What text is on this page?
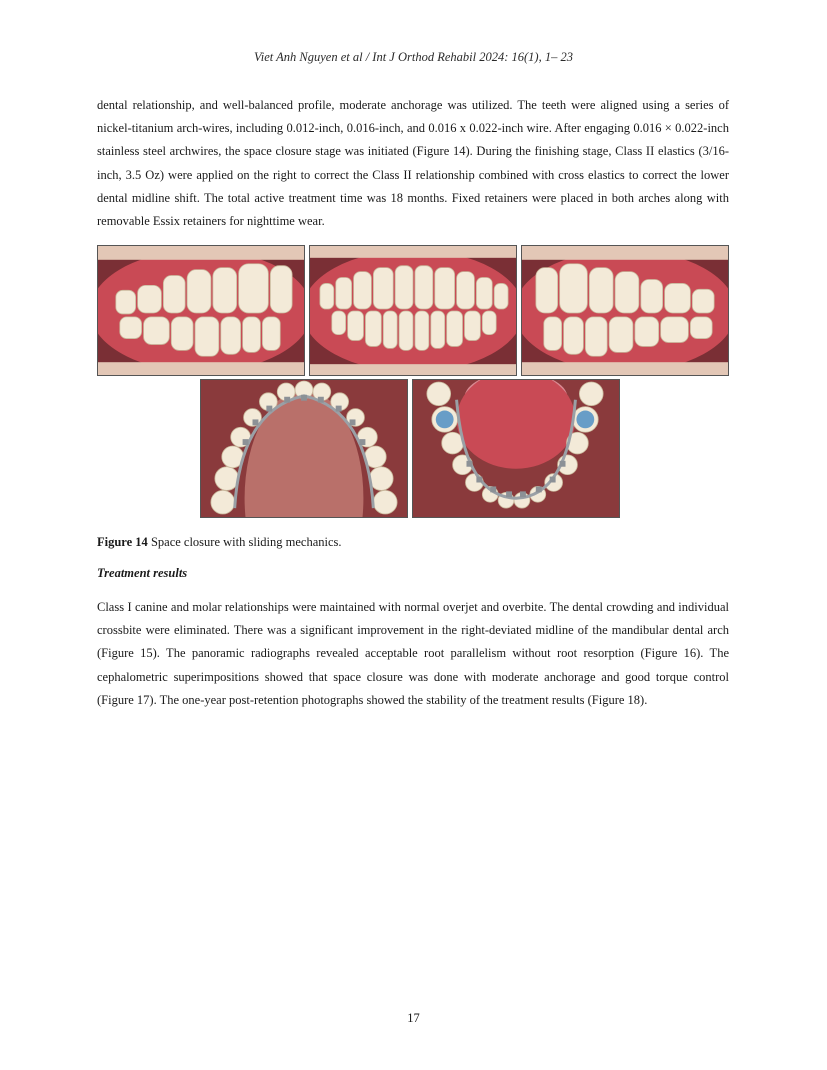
Viet Anh Nguyen et al / Int J Orthod Rehabil 2024: 16(1), 1– 23

dental relationship, and well-balanced profile, moderate anchorage was utilized. The teeth were aligned using a series of nickel-titanium arch-wires, including 0.012-inch, 0.016-inch, and 0.016 x 0.022-inch wire. After engaging 0.016 × 0.022-inch stainless steel archwires, the space closure stage was initiated (Figure 14). During the finishing stage, Class II elastics (3/16-inch, 3.5 Oz) were applied on the right to correct the Class II relationship combined with cross elastics to correct the lower dental midline shift. The total active treatment time was 18 months. Fixed retainers were placed in both arches along with removable Essix retainers for nighttime wear.

Figure 14 Space closure with sliding mechanics.

Treatment results

Class I canine and molar relationships were maintained with normal overjet and overbite. The dental crowding and individual crossbite were eliminated. There was a significant improvement in the right-deviated midline of the mandibular dental arch (Figure 15). The panoramic radiographs revealed acceptable root parallelism without root resorption (Figure 16). The cephalometric superimpositions showed that space closure was done with moderate anchorage and good torque control (Figure 17). The one-year post-retention photographs showed the stability of the treatment results (Figure 18).

17
